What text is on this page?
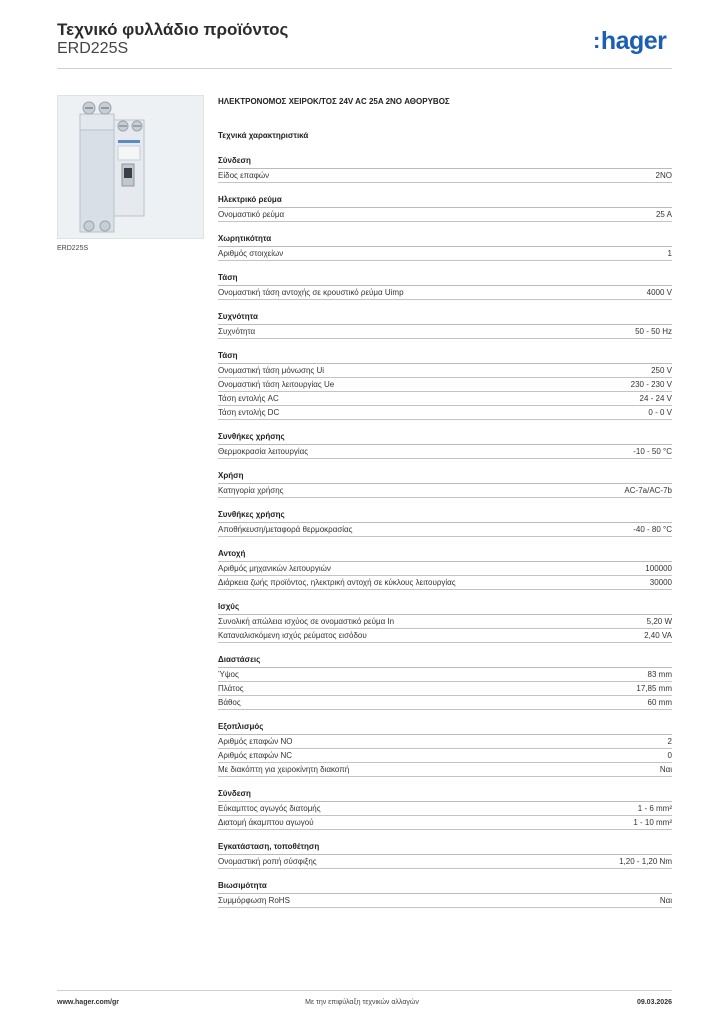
Τεχνικό φυλλάδιο προϊόντος
ERD225S	:hager
ERD225S
ΗΛΕΚΤΡΟΝΟΜΟΣ ΧΕΙΡΟΚ/ΤΟΣ 24V AC 25A 2NO ΑΘΟΡΥΒΟΣ
Τεχνικά χαρακτηριστικά
Σύνδεση
Είδος επαφών	2NO
Ηλεκτρικό ρεύμα
Ονομαστικό ρεύμα	25 A
Χωρητικότητα
Αριθμός στοιχείων	1
Τάση
Ονομαστική τάση αντοχής σε κρουστικό ρεύμα Uimp	4000 V
Συχνότητα
Συχνότητα	50 - 50 Hz
Τάση
Ονομαστική τάση μόνωσης Ui	250 V
Ονομαστική τάση λειτουργίας Ue	230 - 230 V
Τάση εντολής AC	24 - 24 V
Τάση εντολής DC	0 - 0 V
Συνθήκες χρήσης
Θερμοκρασία λειτουργίας	-10 - 50 °C
Χρήση
Κατηγορία χρήσης	AC-7a/AC-7b
Συνθήκες χρήσης
Αποθήκευση/μεταφορά θερμοκρασίας	-40 - 80 °C
Αντοχή
Αριθμός μηχανικών λειτουργιών	100000
Διάρκεια ζωής προϊόντος, ηλεκτρική αντοχή σε κύκλους λειτουργίας	30000
Ισχύς
Συνολική απώλεια ισχύος σε ονομαστικό ρεύμα In	5,20 W
Καταναλισκόμενη ισχύς ρεύματος εισόδου	2,40 VA
Διαστάσεις
Ύψος	83 mm
Πλάτος	17,85 mm
Βάθος	60 mm
Εξοπλισμός
Αριθμός επαφών NO	2
Αριθμός επαφών NC	0
Με διακόπτη για χειροκίνητη διακοπή	Ναι
Σύνδεση
Εύκαμπτος αγωγός διατομής	1 - 6 mm²
Διατομή άκαμπτου αγωγού	1 - 10 mm²
Εγκατάσταση, τοποθέτηση
Ονομαστική ροπή σύσφιξης	1,20 - 1,20 Nm
Βιωσιμότητα
Συμμόρφωση RoHS	Ναι
Με την επιφύλαξη τεχνικών αλλαγών
www.hager.com/gr	09.03.2026
